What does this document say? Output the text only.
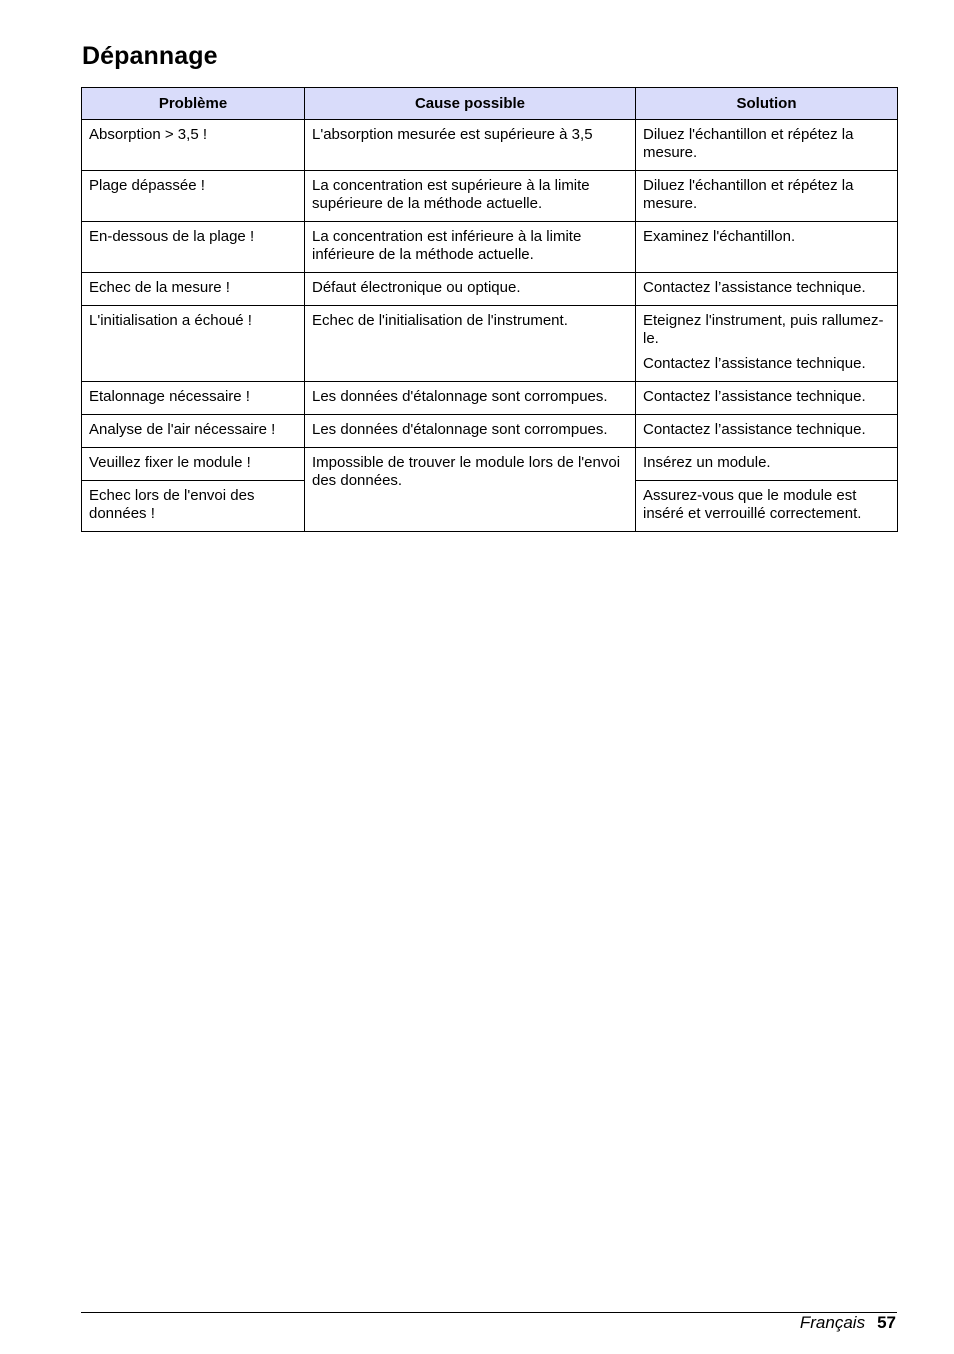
Dépannage
Problème	Cause possible	Solution
Absorption > 3,5 !	L'absorption mesurée est supérieure à 3,5	Diluez l'échantillon et répétez la mesure.

Plage dépassée !	La concentration est supérieure à la limite supérieure de la méthode actuelle.	Diluez l'échantillon et répétez la mesure.

En-dessous de la plage !	La concentration est inférieure à la limite inférieure de la méthode actuelle.	Examinez l'échantillon.

Echec de la mesure !	Défaut électronique ou optique.	Contactez l’assistance technique.

L'initialisation a échoué !	Echec de l'initialisation de l'instrument.	Eteignez l'instrument, puis rallumez-le.
Contactez l’assistance technique.

Etalonnage nécessaire !	Les données d'étalonnage sont corrompues.	Contactez l’assistance technique.

Analyse de l'air nécessaire !	Les données d'étalonnage sont corrompues.	Contactez l’assistance technique.

Veuillez fixer le module !	Impossible de trouver le module lors de l'envoi des données.	Insérez un module.

Echec lors de l'envoi des données !		Assurez-vous que le module est inséré et verrouillé correctement.
Français 57
